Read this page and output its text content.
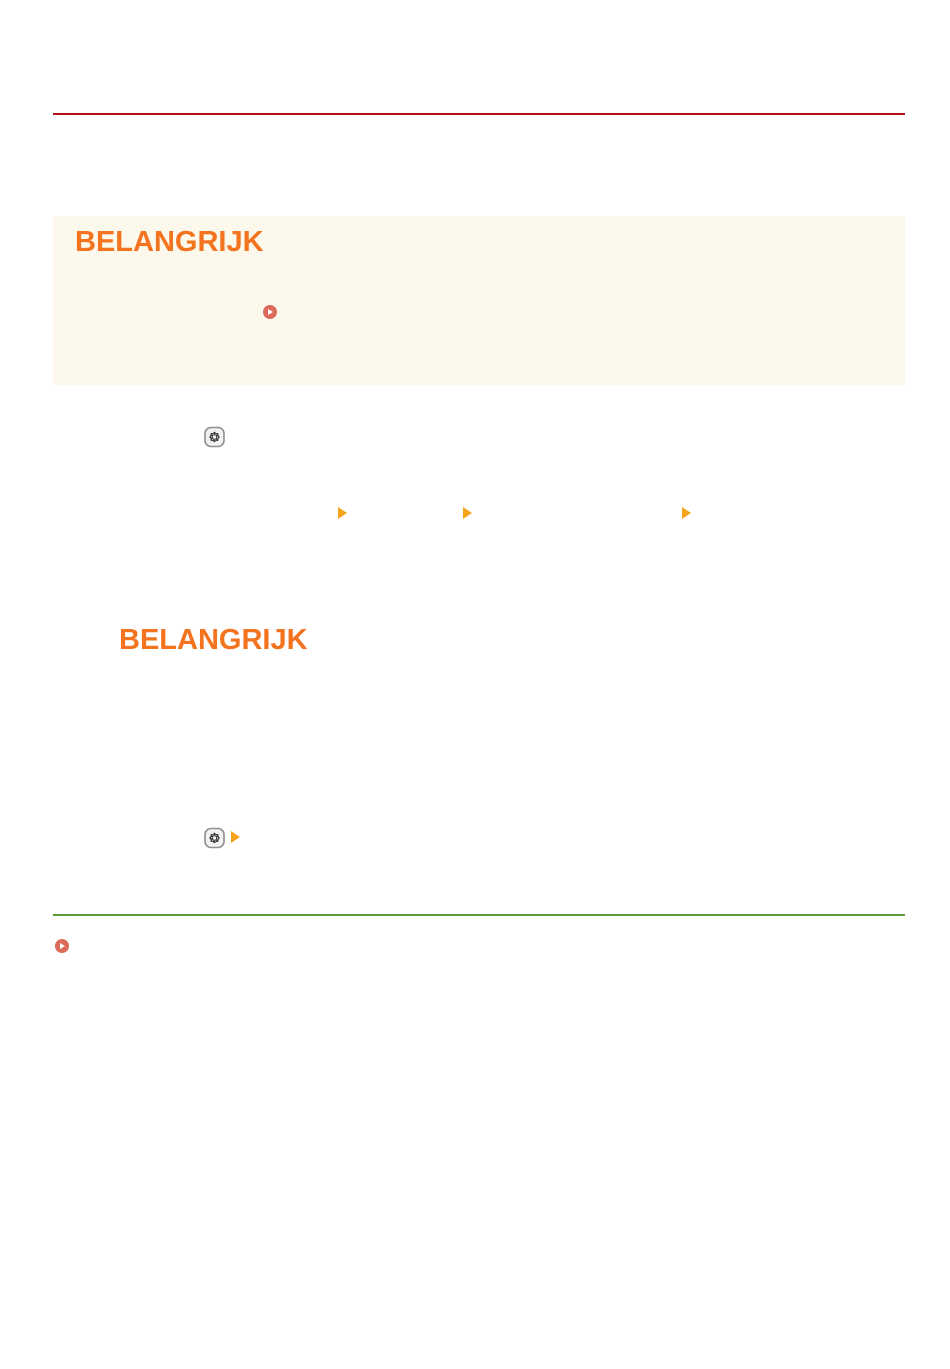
BELANGRIJK
BELANGRIJK
